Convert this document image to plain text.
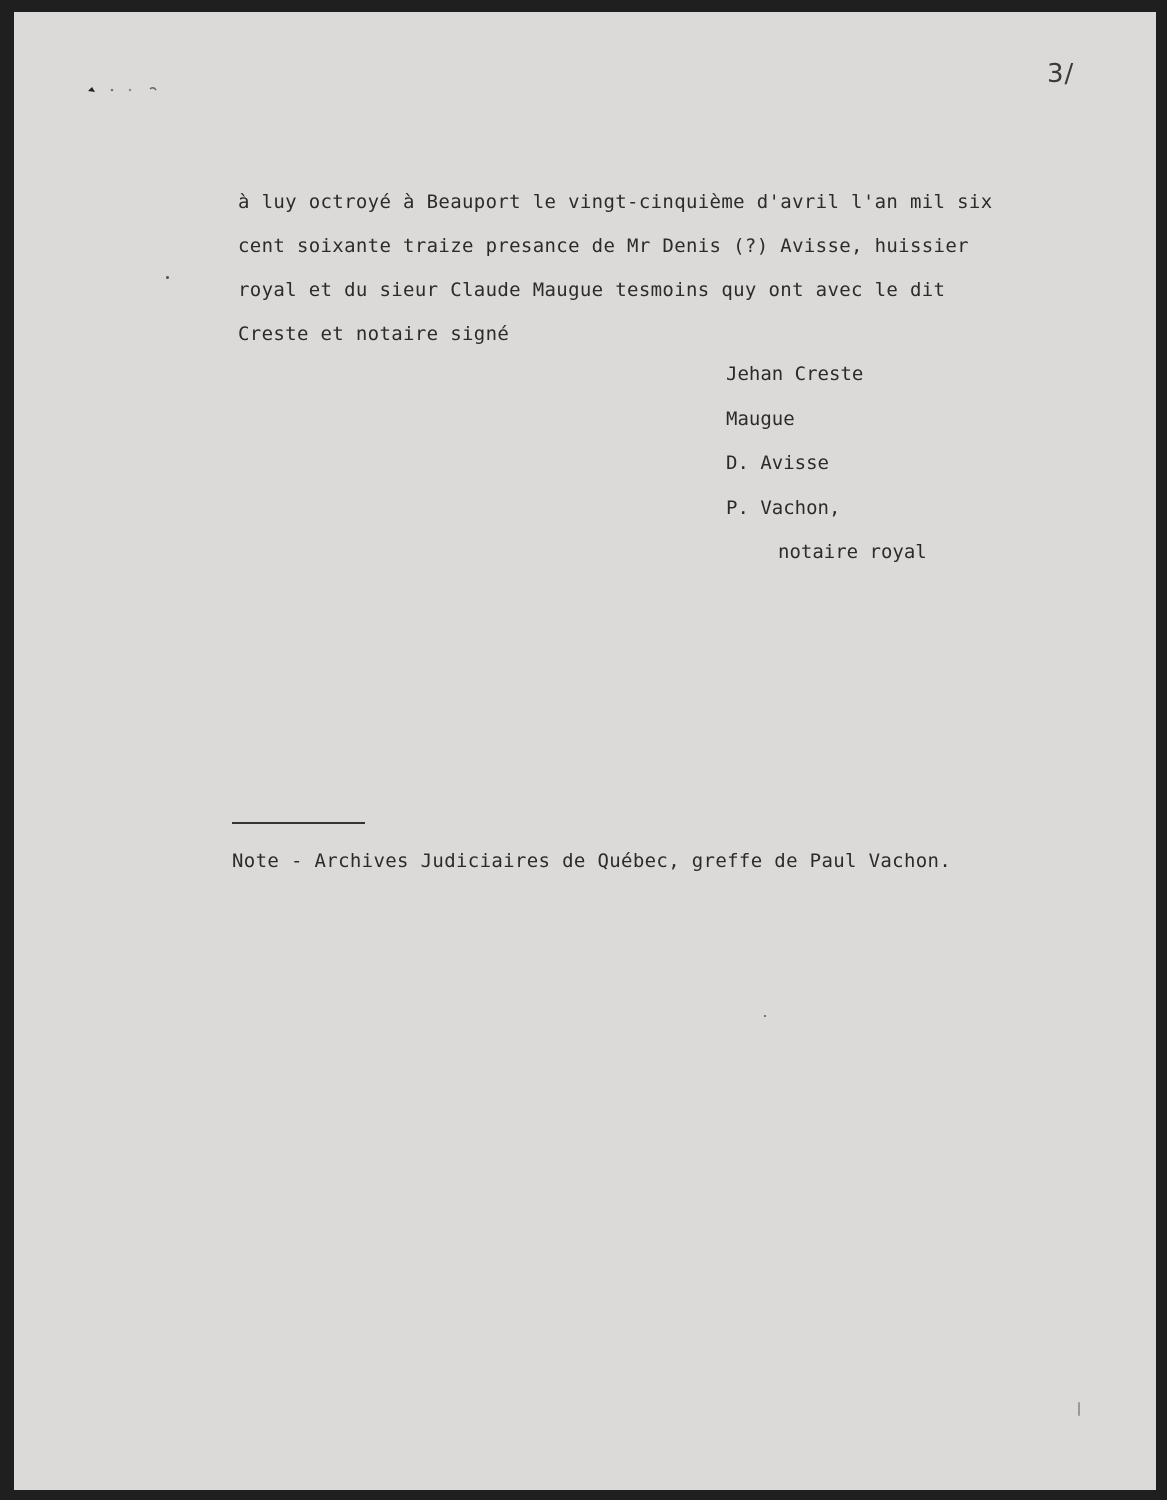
3/
à luy octroyé à Beauport le vingt-cinquième d'avril l'an mil six
cent soixante traize presance de Mr Denis (?) Avisse, huissier
royal et du sieur Claude Maugue tesmoins quy ont avec le dit
Creste et notaire signé
Jehan Creste
Maugue
D. Avisse
P. Vachon,
notaire royal
Note - Archives Judiciaires de Québec, greffe de Paul Vachon.
